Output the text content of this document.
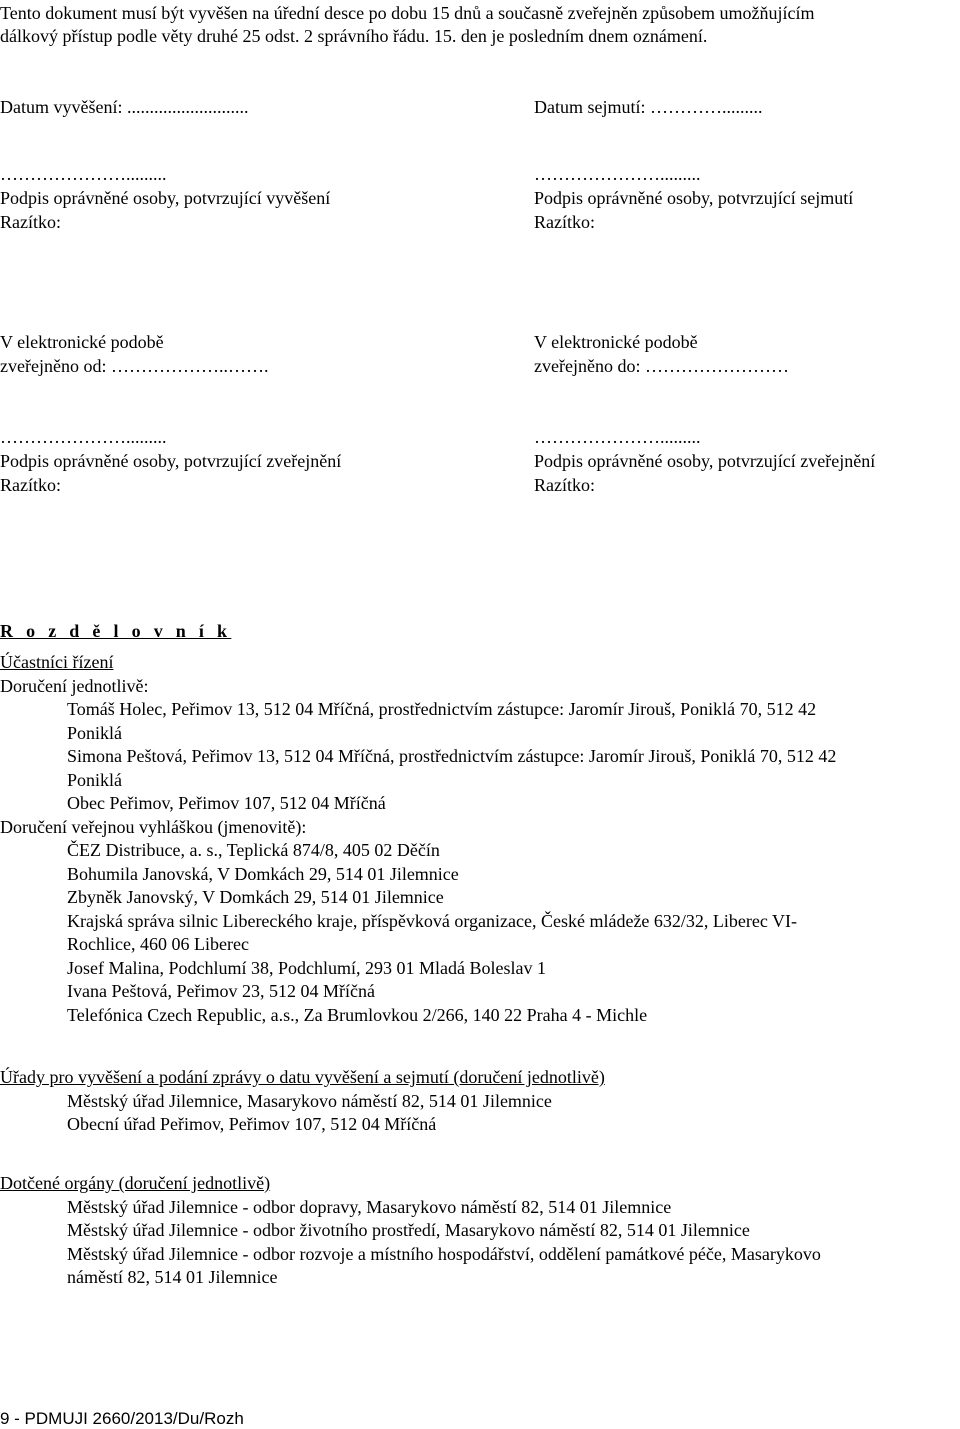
Tento dokument musí být vyvěšen na úřední desce po dobu 15 dnů a současně zveřejněn způsobem umožňujícím
dálkový přístup podle věty druhé 25 odst. 2 správního řádu. 15. den je posledním dnem oznámení.
Datum vyvěšení: ...........................	Datum sejmutí: ………….........
………………….........
Podpis oprávněné osoby, potvrzující vyvěšení
Razítko:
………………….........
Podpis oprávněné osoby, potvrzující sejmutí
Razítko:
V elektronické podobě
zveřejněno od: ………………..…….
V elektronické podobě
zveřejněno do: ……………………
………………….........
Podpis oprávněné osoby, potvrzující zveřejnění
Razítko:
………………….........
Podpis oprávněné osoby, potvrzující zveřejnění
Razítko:
R o z d ě l o v n í k
Účastníci řízení
Doručení jednotlivě:
Tomáš Holec, Peřimov 13, 512 04 Mříčná, prostřednictvím zástupce: Jaromír Jirouš, Poniklá 70, 512 42
Poniklá
Simona Peštová, Peřimov 13, 512 04 Mříčná, prostřednictvím zástupce: Jaromír Jirouš, Poniklá 70, 512 42
Poniklá
Obec Peřimov, Peřimov 107, 512 04 Mříčná
Doručení veřejnou vyhláškou (jmenovitě):
ČEZ Distribuce, a. s., Teplická 874/8, 405 02 Děčín
Bohumila Janovská, V Domkách 29, 514 01 Jilemnice
Zbyněk Janovský, V Domkách 29, 514 01 Jilemnice
Krajská správa silnic Libereckého kraje, příspěvková organizace, České mládeže 632/32, Liberec VI-
Rochlice, 460 06 Liberec
Josef Malina, Podchlumí 38, Podchlumí, 293 01 Mladá Boleslav 1
Ivana Peštová, Peřimov 23, 512 04 Mříčná
Telefónica Czech Republic, a.s., Za Brumlovkou 2/266, 140 22 Praha 4 - Michle
Úřady pro vyvěšení a podání zprávy o datu vyvěšení a sejmutí (doručení jednotlivě)
Městský úřad Jilemnice, Masarykovo náměstí 82, 514 01 Jilemnice
Obecní úřad Peřimov, Peřimov 107, 512 04 Mříčná
Dotčené orgány (doručení jednotlivě)
Městský úřad Jilemnice - odbor dopravy, Masarykovo náměstí 82, 514 01 Jilemnice
Městský úřad Jilemnice - odbor životního prostředí, Masarykovo náměstí 82, 514 01 Jilemnice
Městský úřad Jilemnice - odbor rozvoje a místního hospodářství, oddělení památkové péče, Masarykovo
náměstí 82, 514 01 Jilemnice
9 - PDMUJI 2660/2013/Du/Rozh
